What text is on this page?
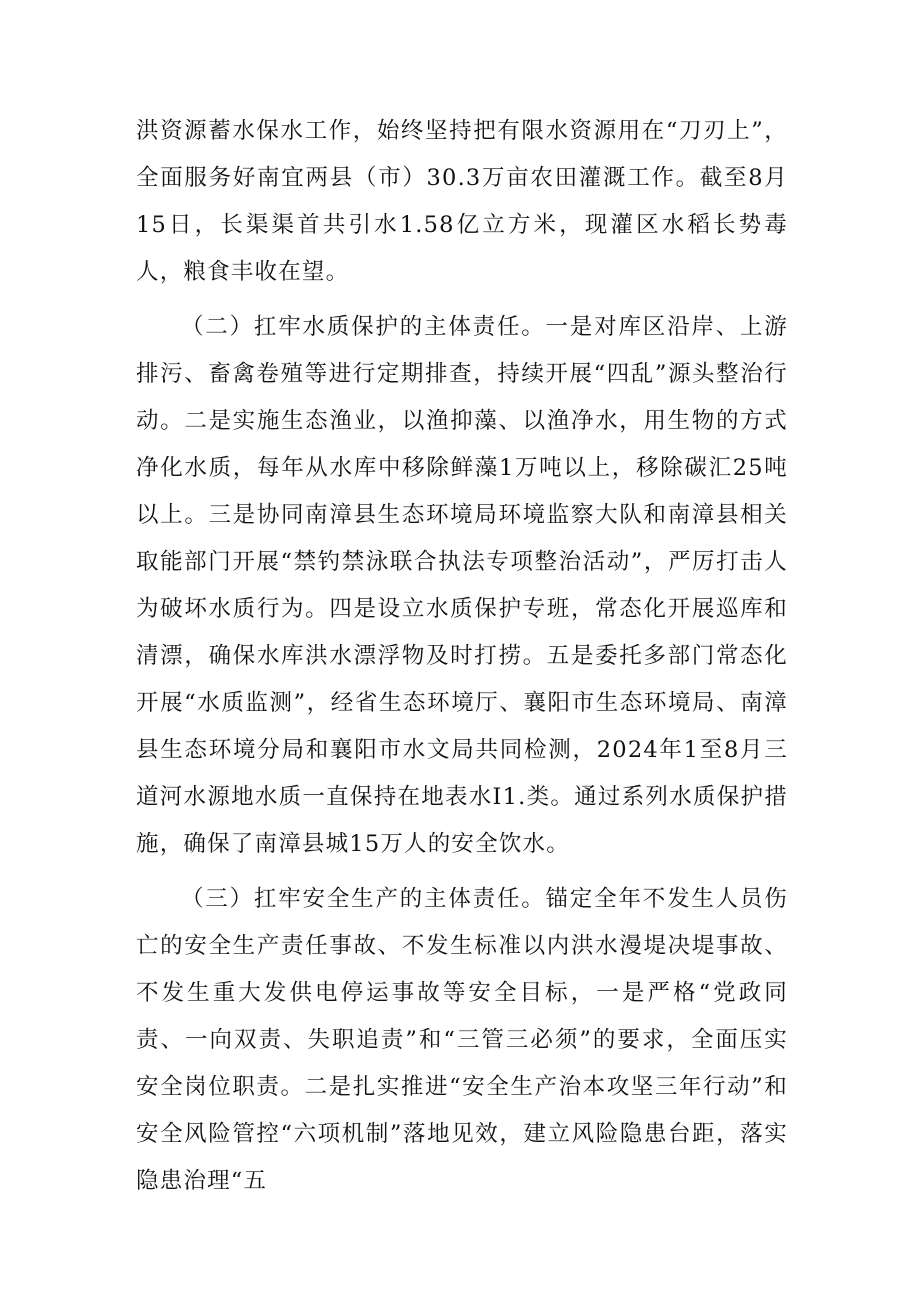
洪资源蓄水保水工作，始终坚持把有限水资源用在“刀刃上”，全面服务好南宜两县（市）30.3万亩农田灌溉工作。截至8月15日，长渠渠首共引水1.58亿立方米，现灌区水稻长势毒人，粮食丰收在望。

（二）扛牢水质保护的主体责任。一是对库区沿岸、上游排污、畜禽卷殖等进行定期排查，持续开展“四乱”源头整治行动。二是实施生态渔业，以渔抑藻、以渔净水，用生物的方式净化水质，每年从水库中移除鲜藻1万吨以上，移除碳汇25吨以上。三是协同南漳县生态环境局环境监察大队和南漳县相关取能部门开展“禁钓禁泳联合执法专项整治活动”，严厉打击人为破坏水质行为。四是设立水质保护专班，常态化开展巡库和清漂，确保水库洪水漂浮物及时打捞。五是委托多部门常态化开展“水质监测”，经省生态环境厅、襄阳市生态环境局、南漳县生态环境分局和襄阳市水文局共同检测，2024年1至8月三道河水源地水质一直保持在地表水I1.类。通过系列水质保护措施，确保了南漳县城15万人的安全饮水。

（三）扛牢安全生产的主体责任。锚定全年不发生人员伤亡的安全生产责任事故、不发生标准以内洪水漫堤决堤事故、不发生重大发供电停运事故等安全目标，一是严格“党政同责、一向双责、失职追责”和“三管三必须”的要求，全面压实安全岗位职责。二是扎实推进“安全生产治本攻坚三年行动”和安全风险管控“六项机制”落地见效，建立风险隐患台距，落实隐患治理“五
